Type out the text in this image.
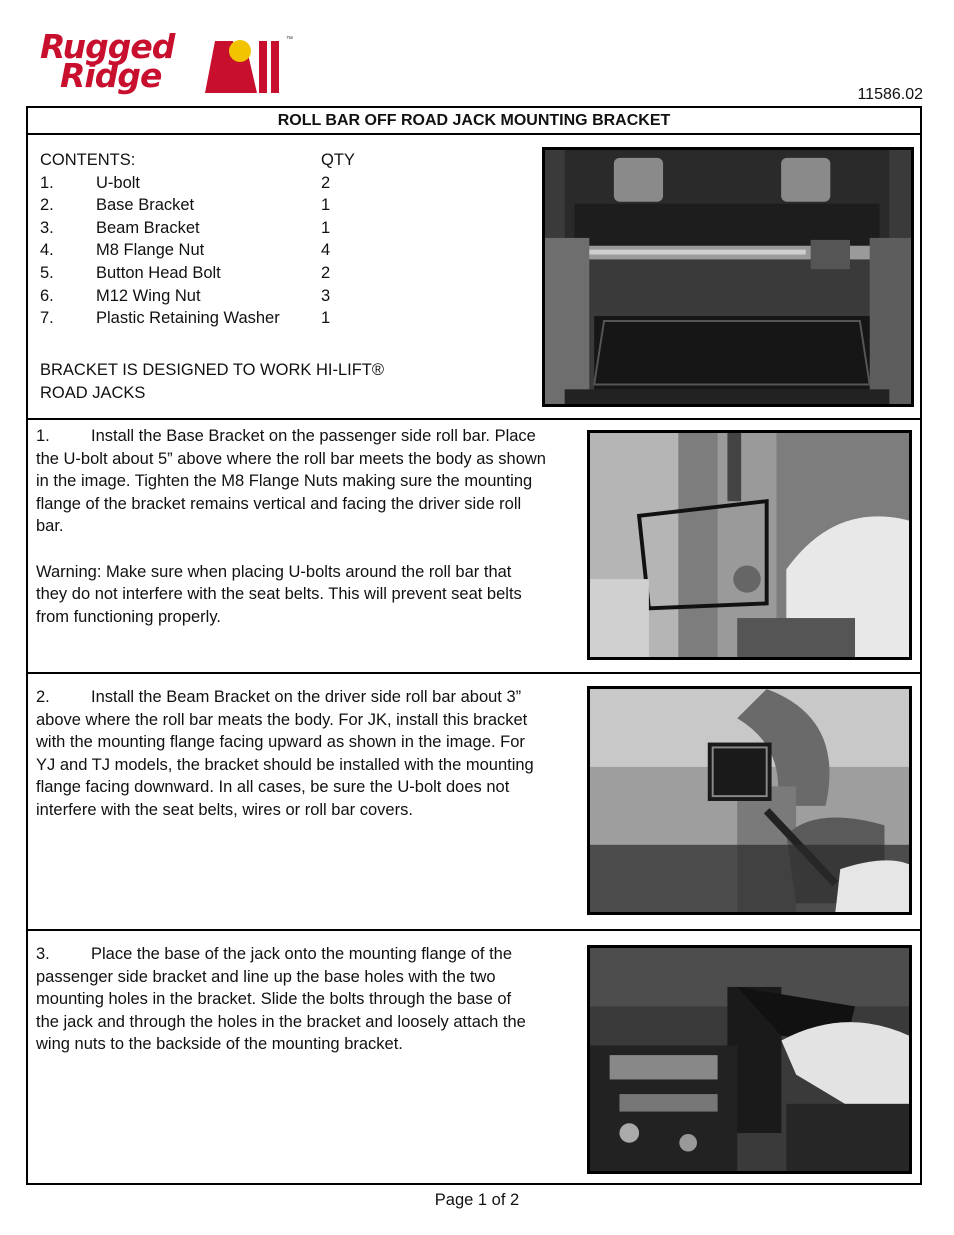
Rugged
Ridge
™
11586.02
ROLL BAR OFF ROAD JACK MOUNTING BRACKET
CONTENTS:	QTY
1.	U-bolt	2
2.	Base Bracket	1
3.	Beam Bracket	1
4.	M8 Flange Nut	4
5.	Button Head Bolt	2
6.	M12 Wing Nut	3
7.	Plastic Retaining Washer	1
BRACKET IS DESIGNED TO WORK HI-LIFT®
ROAD JACKS

1. Install the Base Bracket on the passenger side roll bar. Place

the U-bolt about 5” above where the roll bar meets the body as shown

in the image. Tighten the M8 Flange Nuts making sure the mounting

flange of the bracket remains vertical and facing the driver side roll

bar.

Warning: Make sure when placing U-bolts around the roll bar that

they do not interfere with the seat belts. This will prevent seat belts

from functioning properly.

2. Install the Beam Bracket on the driver side roll bar about 3”

above where the roll bar meats the body. For JK, install this bracket

with the mounting flange facing upward as shown in the image. For

YJ and TJ models, the bracket should be installed with the mounting

flange facing downward. In all cases, be sure the U-bolt does not

interfere with the seat belts, wires or roll bar covers.

3. Place the base of the jack onto the mounting flange of the

passenger side bracket and line up the base holes with the two

mounting holes in the bracket. Slide the bolts through the base of

the jack and through the holes in the bracket and loosely attach the

wing nuts to the backside of the mounting bracket.

Page 1 of 2
